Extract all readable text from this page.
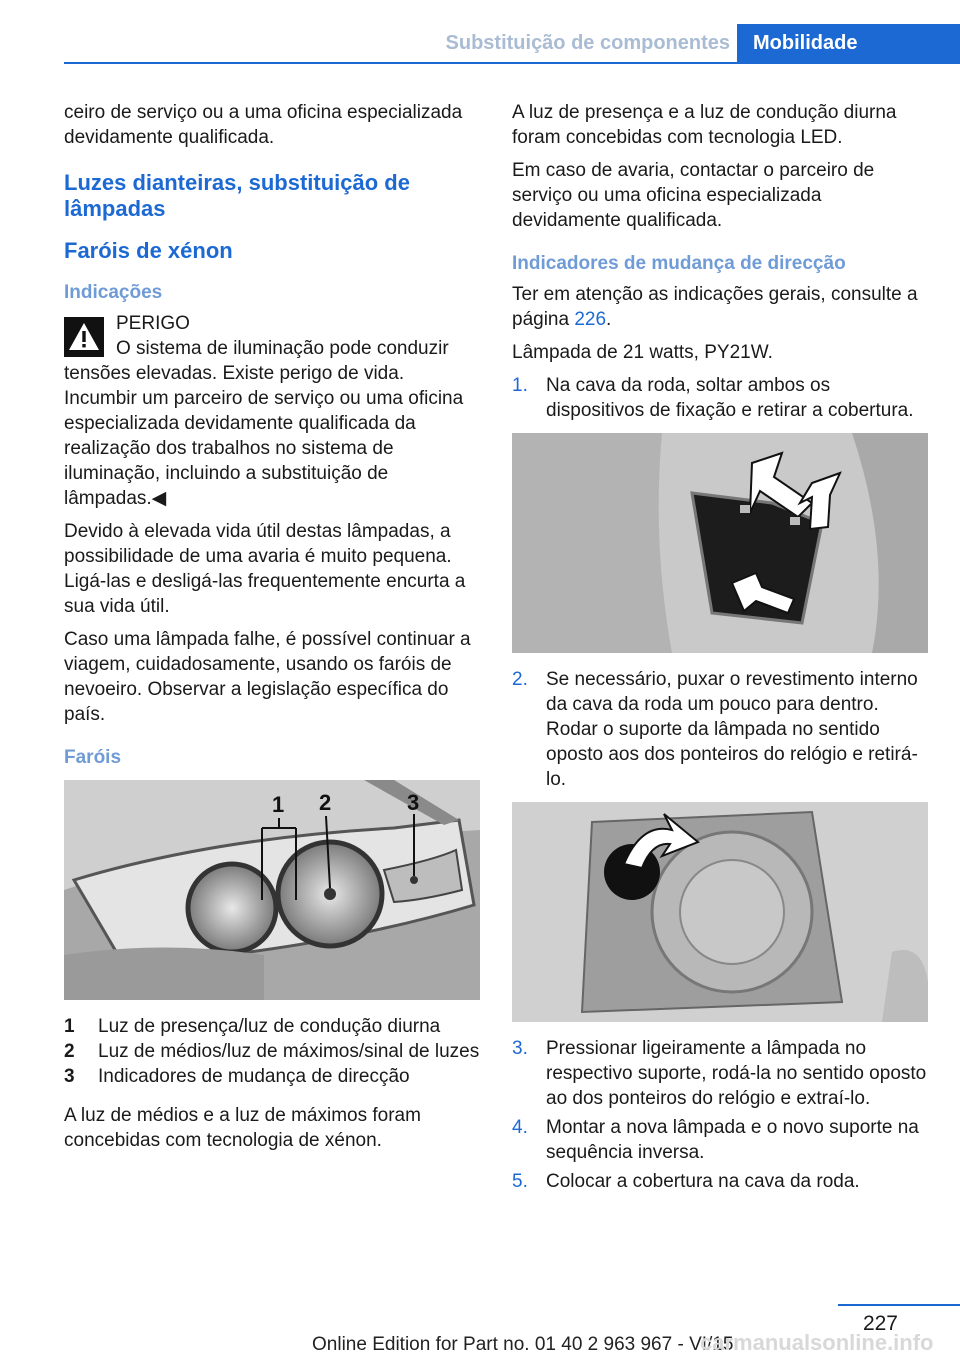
Substituição de componentes	Mobilidade

ceiro de serviço ou a uma oficina especializada devidamente qualificada.

Luzes dianteiras, substituição de lâmpadas
Faróis de xénon
Indicações
PERIGO

O sistema de iluminação pode conduzir tensões elevadas. Existe perigo de vida. Incumbir um parceiro de serviço ou uma oficina especializada devidamente qualificada da realização dos trabalhos no sistema de iluminação, incluindo a substituição de lâmpadas.◀

Devido à elevada vida útil destas lâmpadas, a possibilidade de uma avaria é muito pequena. Ligá-las e desligá-las frequentemente encurta a sua vida útil.

Caso uma lâmpada falhe, é possível continuar a viagem, cuidadosamente, usando os faróis de nevoeiro. Observar a legislação específica do país.

Faróis
1 2	3
1	Luz de presença/luz de condução diurna
2	Luz de médios/luz de máximos/sinal de luzes
3	Indicadores de mudança de direcção

A luz de médios e a luz de máximos foram concebidas com tecnologia de xénon.

A luz de presença e a luz de condução diurna foram concebidas com tecnologia LED.

Em caso de avaria, contactar o parceiro de serviço ou uma oficina especializada devidamente qualificada.

Indicadores de mudança de direcção

Ter em atenção as indicações gerais, consulte a página 226.

Lâmpada de 21 watts, PY21W.

1. Na cava da roda, soltar ambos os dispositivos de fixação e retirar a cobertura.
2. Se necessário, puxar o revestimento interno da cava da roda um pouco para dentro. Rodar o suporte da lâmpada no sentido oposto aos dos ponteiros do relógio e retirá-lo.
3. Pressionar ligeiramente a lâmpada no respectivo suporte, rodá-la no sentido oposto ao dos ponteiros do relógio e extraí-lo.
4. Montar a nova lâmpada e o novo suporte na sequência inversa.
5. Colocar a cobertura na cava da roda.
227
Online Edition for Part no. 01 40 2 963 967 - VI/15
carmanualsonline.info
